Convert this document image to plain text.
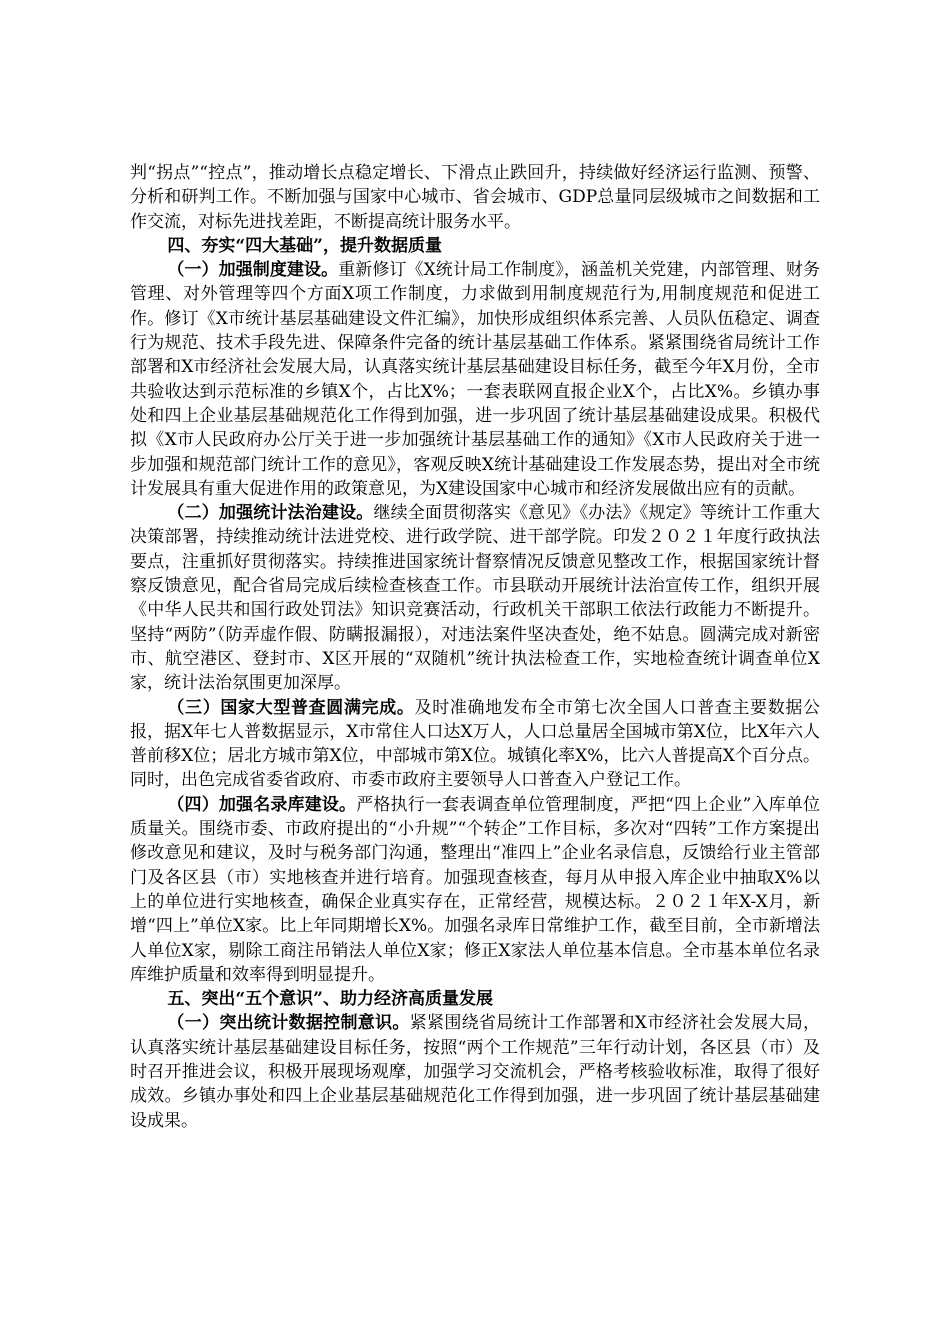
判“拐点”“控点”，推动增长点稳定增长、下滑点止跌回升，持续做好经济运行监测、预警、分析和研判工作。不断加强与国家中心城市、省会城市、GDP总量同层级城市之间数据和工作交流，对标先进找差距，不断提高统计服务水平。

四、夯实“四大基础”，提升数据质量

（一）加强制度建设。重新修订《X统计局工作制度》，涵盖机关党建，内部管理、财务管理、对外管理等四个方面X项工作制度，力求做到用制度规范行为,用制度规范和促进工作。修订《X市统计基层基础建设文件汇编》，加快形成组织体系完善、人员队伍稳定、调查行为规范、技术手段先进、保障条件完备的统计基层基础工作体系。紧紧围绕省局统计工作部署和X市经济社会发展大局，认真落实统计基层基础建设目标任务，截至今年X月份，全市共验收达到示范标准的乡镇X个，占比X%；一套表联网直报企业X个，占比X%。乡镇办事处和四上企业基层基础规范化工作得到加强，进一步巩固了统计基层基础建设成果。积极代拟《X市人民政府办公厅关于进一步加强统计基层基础工作的通知》《X市人民政府关于进一步加强和规范部门统计工作的意见》，客观反映X统计基础建设工作发展态势，提出对全市统计发展具有重大促进作用的政策意见，为X建设国家中心城市和经济发展做出应有的贡献。

（二）加强统计法治建设。继续全面贯彻落实《意见》《办法》《规定》等统计工作重大决策部署，持续推动统计法进党校、进行政学院、进干部学院。印发２０２１年度行政执法要点，注重抓好贯彻落实。持续推进国家统计督察情况反馈意见整改工作，根据国家统计督察反馈意见，配合省局完成后续检查核查工作。市县联动开展统计法治宣传工作，组织开展《中华人民共和国行政处罚法》知识竞赛活动，行政机关干部职工依法行政能力不断提升。坚持“两防”（防弄虚作假、防瞒报漏报），对违法案件坚决查处，绝不姑息。圆满完成对新密市、航空港区、登封市、X区开展的“双随机”统计执法检查工作，实地检查统计调查单位X家，统计法治氛围更加深厚。

（三）国家大型普查圆满完成。及时准确地发布全市第七次全国人口普查主要数据公报，据X年七人普数据显示，X市常住人口达X万人，人口总量居全国城市第X位，比X年六人普前移X位；居北方城市第X位，中部城市第X位。城镇化率X%，比六人普提高X个百分点。同时，出色完成省委省政府、市委市政府主要领导人口普查入户登记工作。

（四）加强名录库建设。严格执行一套表调查单位管理制度，严把“四上企业”入库单位质量关。围绕市委、市政府提出的“小升规”“个转企”工作目标，多次对“四转”工作方案提出修改意见和建议，及时与税务部门沟通，整理出“准四上”企业名录信息，反馈给行业主管部门及各区县（市）实地核查并进行培育。加强现查核查，每月从申报入库企业中抽取X%以上的单位进行实地核查，确保企业真实存在，正常经营，规模达标。２０２１年X-X月，新增“四上”单位X家。比上年同期增长X%。加强名录库日常维护工作，截至目前，全市新增法人单位X家，剔除工商注吊销法人单位X家；修正X家法人单位基本信息。全市基本单位名录库维护质量和效率得到明显提升。

五、突出“五个意识”、助力经济高质量发展

（一）突出统计数据控制意识。紧紧围绕省局统计工作部署和X市经济社会发展大局，认真落实统计基层基础建设目标任务，按照“两个工作规范”三年行动计划，各区县（市）及时召开推进会议，积极开展现场观摩，加强学习交流机会，严格考核验收标准，取得了很好成效。乡镇办事处和四上企业基层基础规范化工作得到加强，进一步巩固了统计基层基础建设成果。
